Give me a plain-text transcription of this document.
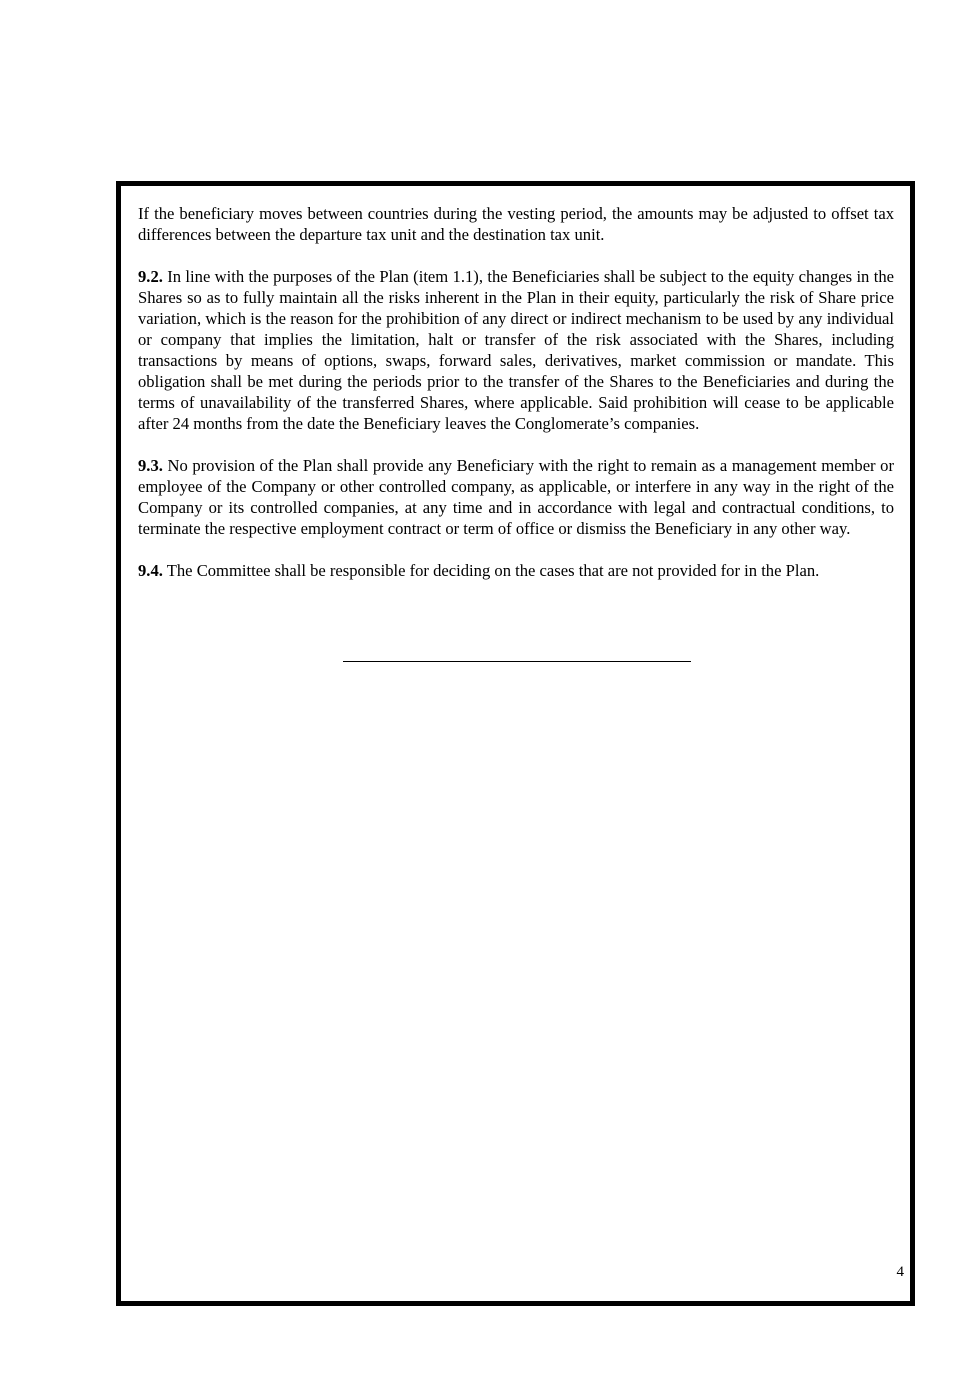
If the beneficiary moves between countries during the vesting period, the amounts may be adjusted to offset tax differences between the departure tax unit and the destination tax unit.

9.2. In line with the purposes of the Plan (item 1.1), the Beneficiaries shall be subject to the equity changes in the Shares so as to fully maintain all the risks inherent in the Plan in their equity, particularly the risk of Share price variation, which is the reason for the prohibition of any direct or indirect mechanism to be used by any individual or company that implies the limitation, halt or transfer of the risk associated with the Shares, including transactions by means of options, swaps, forward sales, derivatives, market commission or mandate. This obligation shall be met during the periods prior to the transfer of the Shares to the Beneficiaries and during the terms of unavailability of the transferred Shares, where applicable. Said prohibition will cease to be applicable after 24 months from the date the Beneficiary leaves the Conglomerate’s companies.

9.3. No provision of the Plan shall provide any Beneficiary with the right to remain as a management member or employee of the Company or other controlled company, as applicable, or interfere in any way in the right of the Company or its controlled companies, at any time and in accordance with legal and contractual conditions, to terminate the respective employment contract or term of office or dismiss the Beneficiary in any other way.

9.4. The Committee shall be responsible for deciding on the cases that are not provided for in the Plan.

4
